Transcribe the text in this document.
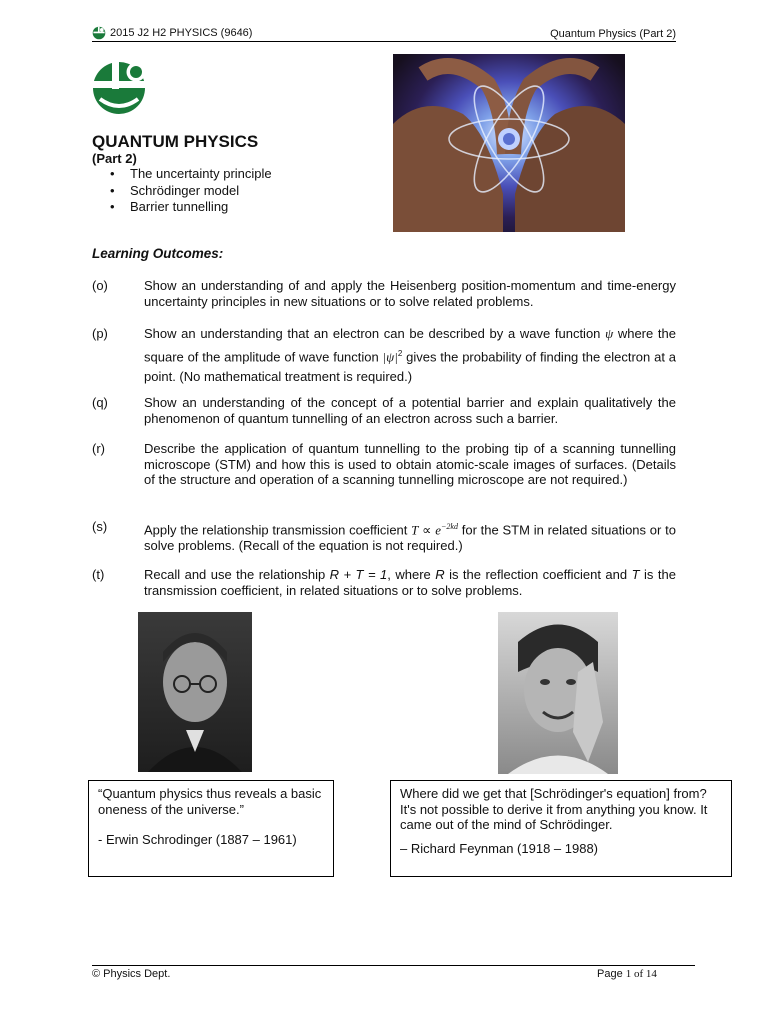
2015 J2 H2 PHYSICS (9646)	Quantum Physics (Part 2)
QUANTUM PHYSICS
(Part 2)
• The uncertainty principle
• Schrödinger model
• Barrier tunnelling
Learning Outcomes:
(o)	Show an understanding of and apply the Heisenberg position-momentum and time-energy uncertainty principles in new situations or to solve related problems.
(p)	Show an understanding that an electron can be described by a wave function ψ where the square of the amplitude of wave function $|\psi|^2$ gives the probability of finding the electron at a point. (No mathematical treatment is required.)
(q)	Show an understanding of the concept of a potential barrier and explain qualitatively the phenomenon of quantum tunnelling of an electron across such a barrier.
(r)	Describe the application of quantum tunnelling to the probing tip of a scanning tunnelling microscope (STM) and how this is used to obtain atomic-scale images of surfaces. (Details of the structure and operation of a scanning tunnelling microscope are not required.)
(s)	Apply the relationship transmission coefficient $T \propto e^{-2kd}$ for the STM in related situations or to solve problems. (Recall of the equation is not required.)
(t)	Recall and use the relationship R + T = 1, where R is the reflection coefficient and T is the transmission coefficient, in related situations or to solve problems.
“Quantum physics thus reveals a basic oneness of the universe.”
- Erwin Schrodinger (1887 – 1961)
Where did we get that [Schrödinger's equation] from? It's not possible to derive it from anything you know. It came out of the mind of Schrödinger.
– Richard Feynman (1918 – 1988)
© Physics Dept.	Page 1 of 14
